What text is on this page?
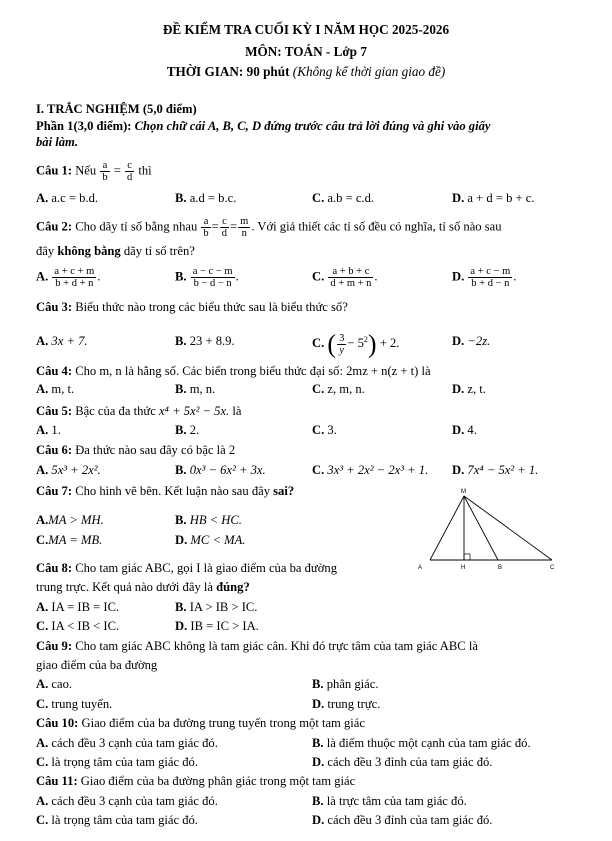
ĐỀ KIỂM TRA CUỐI KỲ I NĂM HỌC 2025-2026
MÔN: TOÁN - Lớp 7
THỜI GIAN: 90 phút (Không kể thời gian giao đề)
I. TRẮC NGHIỆM (5,0 điểm)
Phần 1(3,0 điểm): Chọn chữ cái A, B, C, D đứng trước câu trả lời đúng và ghi vào giấy
bài làm.
Câu 1: Nếu $\frac{a}{b} = \frac{c}{d}$ thì
A. a.c = b.d.	B. a.d = b.c.	C. a.b = c.d.	D. a + d = b + c.
Câu 2: Cho dãy tỉ số bằng nhau $\frac{a}{b} = \frac{c}{d} = \frac{m}{n}$ . Với giả thiết các tỉ số đều có nghĩa, tỉ số nào sau
đây không bằng dãy tỉ số trên?
A. $\frac{a + c + m}{b + d + n}$ .	B. $\frac{a - c - m}{b - d - n}$ .	C. $\frac{a + b + c}{d + m + n}$ .	D. $\frac{a + c - m}{b + d - n}$ .
Câu 3: Biểu thức nào trong các biểu thức sau là biểu thức số?
A. 3x + 7.	B. 23 + 8.9.	C. ( $\frac{3}{y} - 5^2) + 2$.	D. −2z.
Câu 4: Cho m, n là hằng số. Các biến trong biểu thức đại số: 2mz + n(z + t) là
A. m, t.	B. m, n.	C. z, m, n.	D. z, t.
Câu 5: Bậc của đa thức x⁴ + 5x² − 5x. là
A. 1.	B. 2.	C. 3.	D. 4.
Câu 6: Đa thức nào sau đây có bậc là 2
A. 5x³ + 2x².	B. 0x³ − 6x² + 3x.	C. 3x³ + 2x² − 2x³ + 1. D. 7x⁴ − 5x² + 1.
Câu 7: Cho hình vẽ bên. Kết luận nào sau đây sai?
A.MA > MH.	B. HB < HC.
C.MA = MB.	D. MC < MA.
M
A	H	B	C
Câu 8: Cho tam giác ABC, gọi I là giao điểm của ba đường
trung trực. Kết quả nào dưới đây là đúng?
A. IA = IB = IC.	B. IA > IB > IC.
C. IA < IB < IC.	D. IB = IC > IA.
Câu 9: Cho tam giác ABC không là tam giác cân. Khi đó trực tâm của tam giác ABC là
giao điểm của ba đường
A. cao.	B. phân giác.
C. trung tuyến.	D. trung trực.
Câu 10: Giao điểm của ba đường trung tuyến trong một tam giác
A. cách đều 3 cạnh của tam giác đó.	B. là điểm thuộc một cạnh của tam giác đó.
C. là trọng tâm của tam giác đó.	D. cách đều 3 đỉnh của tam giác đó.
Câu 11: Giao điểm của ba đường phân giác trong một tam giác
A. cách đều 3 cạnh của tam giác đó.	B. là trực tâm của tam giác đó.
C. là trọng tâm của tam giác đó.	D. cách đều 3 đỉnh của tam giác đó.
